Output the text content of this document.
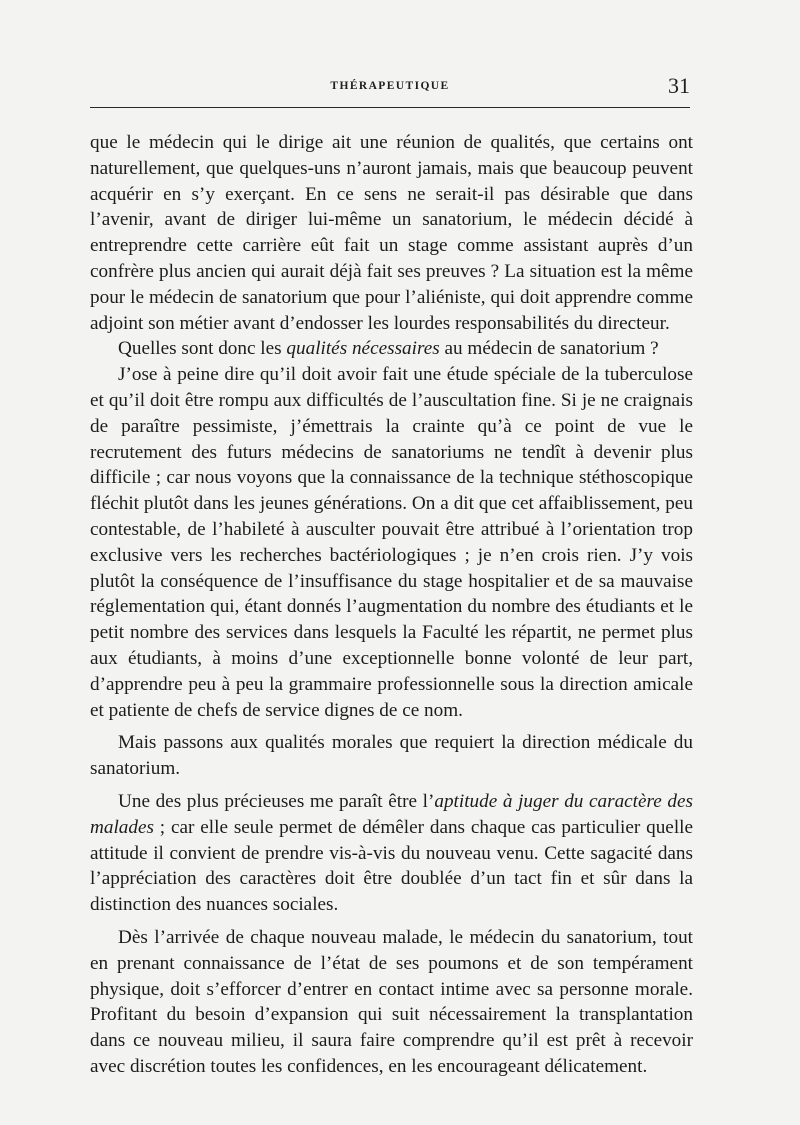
THÉRAPEUTIQUE	31

que le médecin qui le dirige ait une réunion de qualités, que certains ont naturellement, que quelques-uns n’auront jamais, mais que beaucoup peuvent acquérir en s’y exerçant. En ce sens ne serait-il pas désirable que dans l’avenir, avant de diriger lui-même un sanatorium, le médecin décidé à entreprendre cette carrière eût fait un stage comme assistant auprès d’un confrère plus ancien qui aurait déjà fait ses preuves ? La situation est la même pour le médecin de sanatorium que pour l’aliéniste, qui doit apprendre comme adjoint son métier avant d’endosser les lourdes responsabilités du directeur.

Quelles sont donc les qualités nécessaires au médecin de sanatorium ?

J’ose à peine dire qu’il doit avoir fait une étude spéciale de la tuberculose et qu’il doit être rompu aux difficultés de l’auscultation fine. Si je ne craignais de paraître pessimiste, j’émettrais la crainte qu’à ce point de vue le recrutement des futurs médecins de sanatoriums ne tendît à devenir plus difficile ; car nous voyons que la connaissance de la technique stéthoscopique fléchit plutôt dans les jeunes générations. On a dit que cet affaiblissement, peu contestable, de l’habileté à ausculter pouvait être attribué à l’orientation trop exclusive vers les recherches bactériologiques ; je n’en crois rien. J’y vois plutôt la conséquence de l’insuffisance du stage hospitalier et de sa mauvaise réglementation qui, étant donnés l’augmentation du nombre des étudiants et le petit nombre des services dans lesquels la Faculté les répartit, ne permet plus aux étudiants, à moins d’une exceptionnelle bonne volonté de leur part, d’apprendre peu à peu la grammaire professionnelle sous la direction amicale et patiente de chefs de service dignes de ce nom.

Mais passons aux qualités morales que requiert la direction médicale du sanatorium.

Une des plus précieuses me paraît être l’aptitude à juger du caractère des malades ; car elle seule permet de démêler dans chaque cas particulier quelle attitude il convient de prendre vis-à-vis du nouveau venu. Cette sagacité dans l’appréciation des caractères doit être doublée d’un tact fin et sûr dans la distinction des nuances sociales.

Dès l’arrivée de chaque nouveau malade, le médecin du sanatorium, tout en prenant connaissance de l’état de ses poumons et de son tempérament physique, doit s’efforcer d’entrer en contact intime avec sa personne morale. Profitant du besoin d’expansion qui suit nécessairement la transplantation dans ce nouveau milieu, il saura faire comprendre qu’il est prêt à recevoir avec discrétion toutes les confidences, en les encourageant délicatement.
